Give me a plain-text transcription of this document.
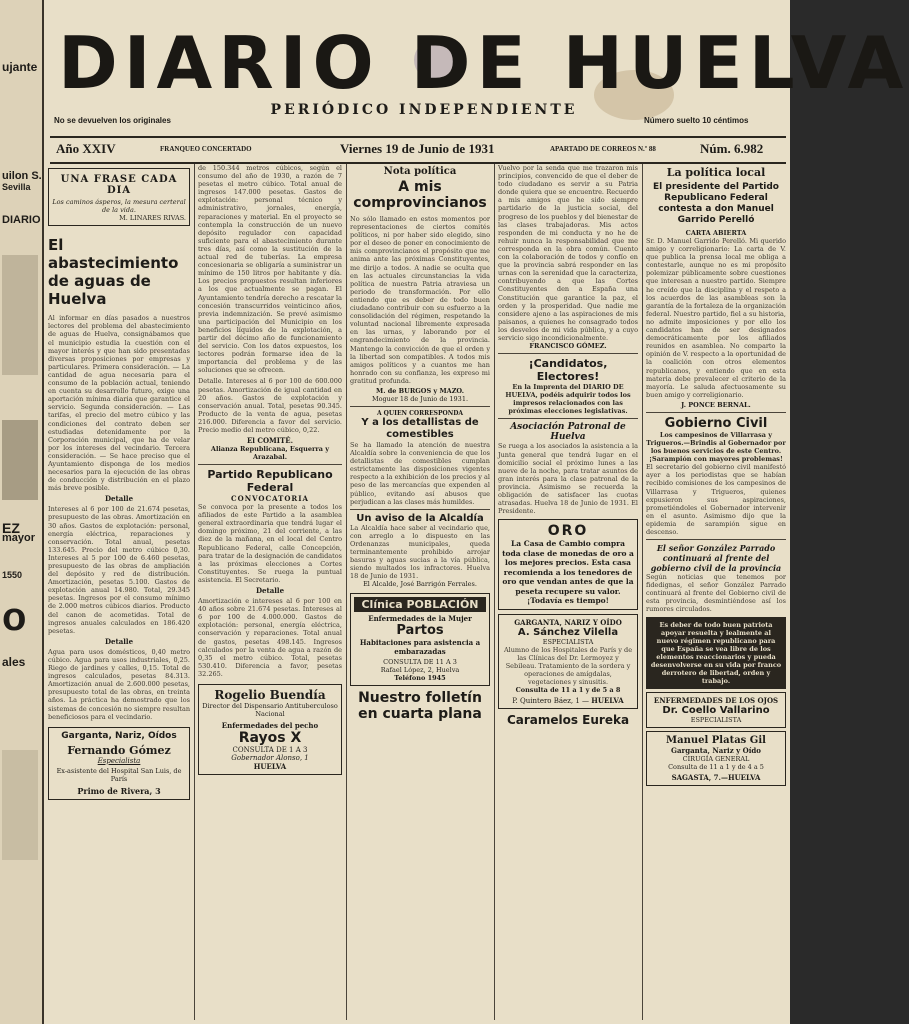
ujante
uilon S.
Sevilla
DIARIO
EZ
mayor
1550
o
ales
DIARIO DE HUELVA
PERIÓDICO INDEPENDIENTE
No se devuelven los originales	Número suelto 10 céntimos
Año XXIV	FRANQUEO CONCERTADO	Viernes 19 de Junio de 1931	APARTADO DE CORREOS N.º 88	Núm. 6.982
UNA FRASE CADA DIA

Los caminos ásperos, la mesura certeral de la vida.

M. LINARES RIVAS.

El abastecimiento de aguas de Huelva

Al informar en días pasados a nuestros lectores del problema del abastecimiento de aguas de Huelva, consignábamos que el municipio estudia la cuestión con el mayor interés y que han sido presentadas diversas proposiciones por empresas y particulares. Primera consideración. — La cantidad de agua necesaria para el consumo de la población actual, teniendo en cuenta su desarrollo futuro, exige una aportación mínima diaria que garantice el servicio. Segunda consideración. — Las tarifas, el precio del metro cúbico y las condiciones del contrato deben ser estudiadas detenidamente por la Corporación municipal, que ha de velar por los intereses del vecindario. Tercera consideración. — Se hace preciso que el Ayuntamiento disponga de los medios necesarios para la ejecución de las obras de conducción y distribución en el plazo más breve posible.

Detalle

Intereses al 6 por 100 de 21.674 pesetas, presupuesto de las obras. Amortización en 30 años. Gastos de explotación: personal, energía eléctrica, reparaciones y conservación. Total anual, pesetas 133.645. Precio del metro cúbico 0,30. Intereses al 5 por 100 de 6.460 pesetas, presupuesto de las obras de ampliación del depósito y red de distribución. Amortización, pesetas 5.100. Gastos de explotación anual 14.980. Total, 29.345 pesetas. Ingresos por el consumo mínimo de 2.000 metros cúbicos diarios. Producto del canon de acometidas. Total de ingresos anuales calculados en 186.420 pesetas.

Detalle

Agua para usos domésticos, 0,40 metro cúbico. Agua para usos industriales, 0,25. Riego de jardines y calles, 0,15. Total de ingresos calculados, pesetas 84.313. Amortización anual de 2.600.000 pesetas, presupuesto total de las obras, en treinta años. La práctica ha demostrado que los sistemas de concesión no siempre resultan beneficiosos para el vecindario.

Garganta, Nariz, Oídos
Fernando Gómez
Especialista
Ex-asistente del Hospital San Luis, de París
Primo de Rivera, 3

de 150.344 metros cúbicos, según el consumo del año de 1930, a razón de 7 pesetas el metro cúbico. Total anual de ingresos 147.000 pesetas. Gastos de explotación: personal técnico y administrativo, jornales, energía, reparaciones y material. En el proyecto se contempla la construcción de un nuevo depósito regulador con capacidad suficiente para el abastecimiento durante tres días, así como la sustitución de la actual red de tuberías. La empresa concesionaria se obligaría a suministrar un mínimo de 150 litros por habitante y día. Los precios propuestos resultan inferiores a los que actualmente se pagan. El Ayuntamiento tendría derecho a rescatar la concesión transcurridos veinticinco años, previa indemnización. Se prevé asimismo una participación del Municipio en los beneficios líquidos de la explotación, a partir del décimo año de funcionamiento del servicio. Con los datos expuestos, los lectores podrán formarse idea de la importancia del problema y de las soluciones que se ofrecen.

Detalle. Intereses al 6 por 100 de 600.000 pesetas. Amortización de igual cantidad en 20 años. Gastos de explotación y conservación anual. Total, pesetas 90.345. Producto de la venta de agua, pesetas 216.000. Diferencia a favor del servicio. Precio medio del metro cúbico, 0,22.

El COMITÉ.
Alianza Republicana, Esquerra y Arazabal.
Partido Republicano Federal
CONVOCATORIA

Se convoca por la presente a todos los afiliados de este Partido a la asamblea general extraordinaria que tendrá lugar el domingo próximo, 21 del corriente, a las diez de la mañana, en el local del Centro Republicano Federal, calle Concepción, para tratar de la designación de candidatos a las próximas elecciones a Cortes Constituyentes. Se ruega la puntual asistencia. El Secretario.

Detalle

Amortización e intereses al 6 por 100 en 40 años sobre 21.674 pesetas. Intereses al 6 por 100 de 4.000.000. Gastos de explotación: personal, energía eléctrica, conservación y reparaciones. Total anual de gastos, pesetas 498.145. Ingresos calculados por la venta de agua a razón de 0,35 el metro cúbico. Total, pesetas 530.410. Diferencia a favor, pesetas 32.265.

Rogelio Buendía
Director del Dispensario Antituberculoso Nacional
Enfermedades del pecho
Rayos X
CONSULTA DE 1 A 3
Gobernador Alonso, 1
HUELVA
Nota política
A mis comprovincianos

No sólo llamado en estos momentos por representaciones de ciertos comités políticos, ni por haber sido elegido, sino por el deseo de poner en conocimiento de mis comprovincianos el propósito que me anima ante las próximas Constituyentes, me dirijo a todos. A nadie se oculta que en las actuales circunstancias la vida política de nuestra Patria atraviesa un periodo de transformación. Por ello entiendo que es deber de todo buen ciudadano contribuir con su esfuerzo a la consolidación del régimen, respetando la voluntad nacional libremente expresada en las urnas, y laborando por el engrandecimiento de la provincia. Mantengo la convicción de que el orden y la libertad son compatibles. A todos mis amigos políticos y a cuantos me han honrado con su confianza, les expreso mi gratitud profunda.

M. de BURGOS y MAZO.
Moguer 18 de Junio de 1931.
A QUIEN CORRESPONDA
Y a los detallistas de comestibles

Se ha llamado la atención de nuestra Alcaldía sobre la conveniencia de que los detallistas de comestibles cumplan estrictamente las disposiciones vigentes respecto a la exhibición de los precios y al peso de las mercancías que expenden al público, evitando así abusos que perjudican a las clases más humildes.

Un aviso de la Alcaldía

La Alcaldía hace saber al vecindario que, con arreglo a lo dispuesto en las Ordenanzas municipales, queda terminantemente prohibido arrojar basuras y aguas sucias a la vía pública, siendo multados los infractores. Huelva 18 de Junio de 1931.

El Alcalde, José Barrigón Ferrales.
Clínica POBLACIÓN
Enfermedades de la Mujer
Partos
Habitaciones para asistencia a embarazadas
CONSULTA DE 11 A 3
Rafael López, 2, Huelva
Teléfono 1945
Nuestro folletín en cuarta plana

Vuelvo por la senda que me trazaron mis principios, convencido de que el deber de todo ciudadano es servir a su Patria donde quiera que se encuentre. Recuerdo a mis amigos que he sido siempre partidario de la justicia social, del progreso de los pueblos y del bienestar de las clases trabajadoras. Mis actos responden de mi conducta y no he de rehuir nunca la responsabilidad que me corresponda en la obra común. Cuento con la colaboración de todos y confío en que la provincia sabrá responder en las urnas con la serenidad que la caracteriza, contribuyendo a que las Cortes Constituyentes den a España una Constitución que garantice la paz, el orden y la prosperidad. Que nadie me considere ajeno a las aspiraciones de mis paisanos, a quienes he consagrado todos los desvelos de mi vida pública, y a cuyo servicio sigo incondicionalmente.

FRANCISCO GÓMEZ.
¡Candidatos, Electores!

En la Imprenta del DIARIO DE HUELVA, podéis adquirir todos los impresos relacionados con las próximas elecciones legislativas.

Asociación Patronal de Huelva

Se ruega a los asociados la asistencia a la Junta general que tendrá lugar en el domicilio social el próximo lunes a las nueve de la noche, para tratar asuntos de gran interés para la clase patronal de la provincia. Asimismo se recuerda la obligación de satisfacer las cuotas atrasadas. Huelva 18 de Junio de 1931. El Presidente.

ORO

La Casa de Cambio compra toda clase de monedas de oro a los mejores precios. Esta casa recomienda a los tenedores de oro que vendan antes de que la peseta recupere su valor. ¡Todavía es tiempo!

GARGANTA, NARIZ Y OÍDO
A. Sánchez Vilella
ESPECIALISTA

Alumno de los Hospitales de París y de las Clínicas del Dr. Lermoyez y Sebileau. Tratamiento de la sordera y operaciones de amígdalas, vegetaciones y sinusitis.

Consulta de 11 a 1 y de 5 a 8
P. Quintero Báez, 1 — HUELVA
Caramelos Eureka
La política local
El presidente del Partido Republicano Federal contesta a don Manuel Garrido Perelló
CARTA ABIERTA

Sr. D. Manuel Garrido Perelló. Mi querido amigo y correligionario: La carta de V. que publica la prensa local me obliga a contestarle, aunque no es mi propósito polemizar públicamente sobre cuestiones que interesan a nuestro partido. Siempre he creído que la disciplina y el respeto a los acuerdos de las asambleas son la garantía de la fortaleza de la organización federal. Nuestro partido, fiel a su historia, no admite imposiciones y por ello los candidatos han de ser designados democráticamente por los afiliados reunidos en asamblea. No comparto la opinión de V. respecto a la oportunidad de la coalición con otros elementos republicanos, y entiendo que en esta materia debe prevalecer el criterio de la mayoría. Le saluda afectuosamente su buen amigo y correligionario.

J. PONCE BERNAL.
Gobierno Civil

Los campesinos de Villarrasa y Trigueros.—Brindis al Gobernador por los buenos servicios de este Centro. ¡Sarampión con mayores problemas!

El secretario del gobierno civil manifestó ayer a los periodistas que se habían recibido comisiones de los campesinos de Villarrasa y Trigueros, quienes expusieron sus aspiraciones, prometiéndoles el Gobernador intervenir en el asunto. Asimismo dijo que la epidemia de sarampión sigue en descenso.

El señor González Parrado continuará al frente del gobierno civil de la provincia

Según noticias que tenemos por fidedignas, el señor González Parrado continuará al frente del Gobierno civil de esta provincia, desmintiéndose así los rumores circulados.

Es deber de todo buen patriota apoyar resuelta y lealmente al nuevo régimen republicano para que España se vea libre de los elementos reaccionarios y pueda desenvolverse en su vida por franco derrotero de libertad, orden y trabajo.

ENFERMEDADES DE LOS OJOS
Dr. Coello Vallarino
ESPECIALISTA
Manuel Platas Gil
Garganta, Nariz y Oído
CIRUGÍA GENERAL
Consulta de 11 a 1 y de 4 a 5
SAGASTA, 7.—HUELVA
